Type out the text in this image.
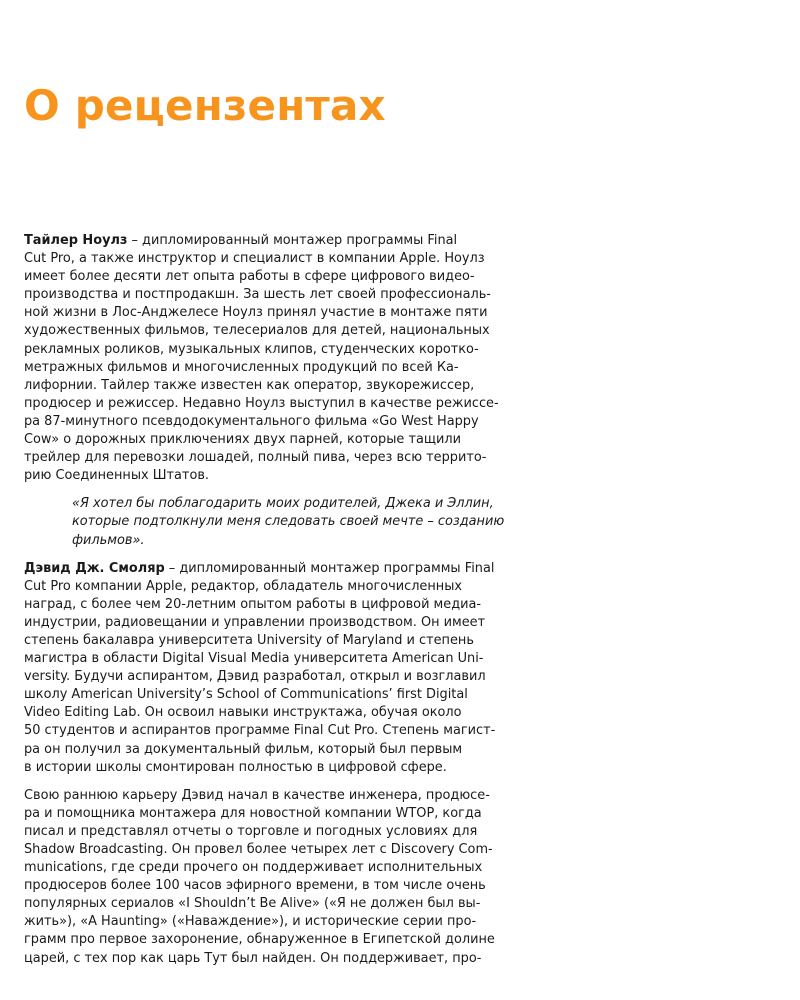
О рецензентах

Тайлер Ноулз – дипломированный монтажер программы Final
Cut Pro, а также инструктор и специалист в компании Apple. Ноулз
имеет более десяти лет опыта работы в сфере цифрового видео-
производства и постпродакшн. За шесть лет своей профессиональ-
ной жизни в Лос-Анджелесе Ноулз принял участие в монтаже пяти
художественных фильмов, телесериалов для детей, национальных
рекламных роликов, музыкальных клипов, студенческих коротко-
метражных фильмов и многочисленных продукций по всей Ка-
лифорнии. Тайлер также известен как оператор, звукорежиссер,
продюсер и режиссер. Недавно Ноулз выступил в качестве режиссе-
ра 87-минутного псевдодокументального фильма «Go West Happy
Cow» о дорожных приключениях двух парней, которые тащили
трейлер для перевозки лошадей, полный пива, через всю террито-
рию Соединенных Штатов.

«Я хотел бы поблагодарить моих родителей, Джека и Эллин,
которые подтолкнули меня следовать своей мечте – созданию
фильмов».

Дэвид Дж. Смоляр – дипломированный монтажер программы Final
Cut Pro компании Apple, редактор, обладатель многочисленных
наград, с более чем 20-летним опытом работы в цифровой медиа-
индустрии, радиовещании и управлении производством. Он имеет
степень бакалавра университета University of Maryland и степень
магистра в области Digital Visual Media университета American Uni-
versity. Будучи аспирантом, Дэвид разработал, открыл и возглавил
школу American University’s School of Communications’ first Digital
Video Editing Lab. Он освоил навыки инструктажа, обучая около
50 студентов и аспирантов программе Final Cut Pro. Степень магист-
ра он получил за документальный фильм, который был первым
в истории школы смонтирован полностью в цифровой сфере.

Свою раннюю карьеру Дэвид начал в качестве инженера, продюсе-
ра и помощника монтажера для новостной компании WTOP, когда
писал и представлял отчеты о торговле и погодных условиях для
Shadow Broadcasting. Он провел более четырех лет с Discovery Com-
munications, где среди прочего он поддерживает исполнительных
продюсеров более 100 часов эфирного времени, в том числе очень
популярных сериалов «I Shouldn’t Be Alive» («Я не должен был вы-
жить»), «A Haunting» («Наваждение»), и исторические серии про-
грамм про первое захоронение, обнаруженное в Египетской долине
царей, с тех пор как царь Тут был найден. Он поддерживает, про-
